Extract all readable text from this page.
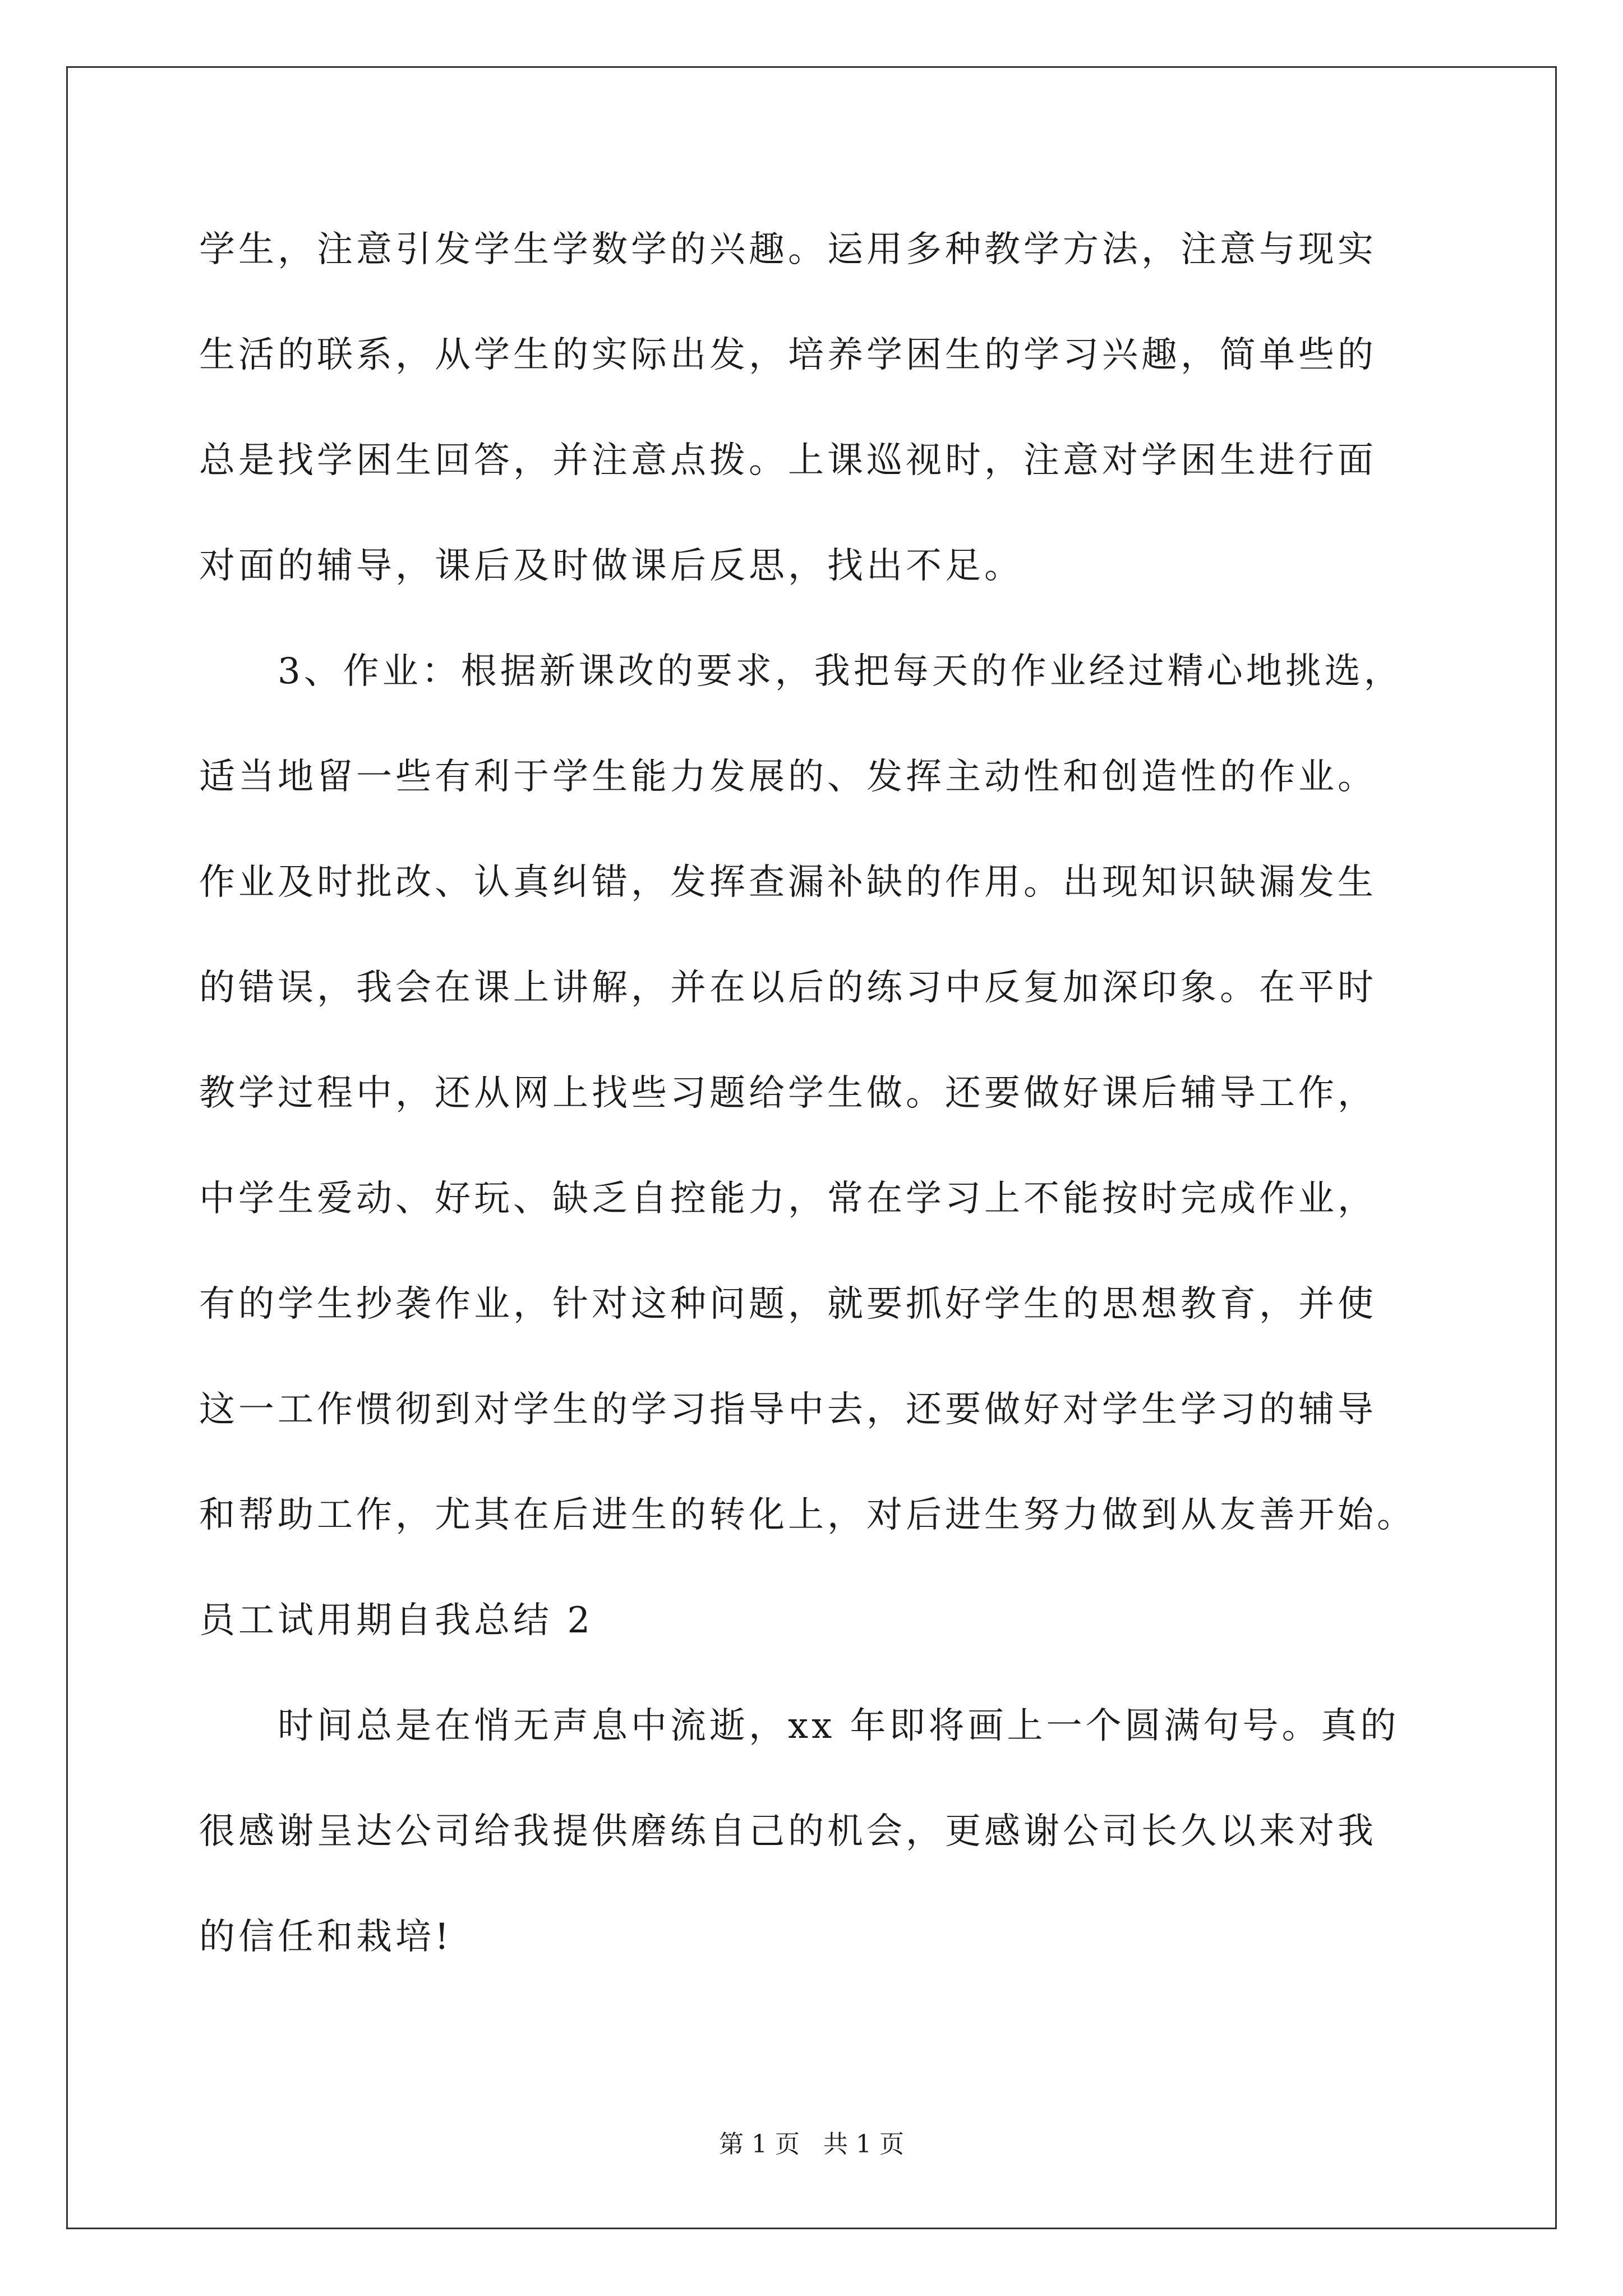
学生，注意引发学生学数学的兴趣。运用多种教学方法，注意与现实
生活的联系，从学生的实际出发，培养学困生的学习兴趣，简单些的
总是找学困生回答，并注意点拨。上课巡视时，注意对学困生进行面
对面的辅导，课后及时做课后反思，找出不足。
3、作业：根据新课改的要求，我把每天的作业经过精心地挑选，
适当地留一些有利于学生能力发展的、发挥主动性和创造性的作业。
作业及时批改、认真纠错，发挥查漏补缺的作用。出现知识缺漏发生
的错误，我会在课上讲解，并在以后的练习中反复加深印象。在平时
教学过程中，还从网上找些习题给学生做。还要做好课后辅导工作，
中学生爱动、好玩、缺乏自控能力，常在学习上不能按时完成作业，
有的学生抄袭作业，针对这种问题，就要抓好学生的思想教育，并使
这一工作惯彻到对学生的学习指导中去，还要做好对学生学习的辅导
和帮助工作，尤其在后进生的转化上，对后进生努力做到从友善开始。
员工试用期自我总结 2
时间总是在悄无声息中流逝，xx 年即将画上一个圆满句号。真的
很感谢呈达公司给我提供磨练自己的机会，更感谢公司长久以来对我
的信任和栽培!
第 1 页   共 1 页
